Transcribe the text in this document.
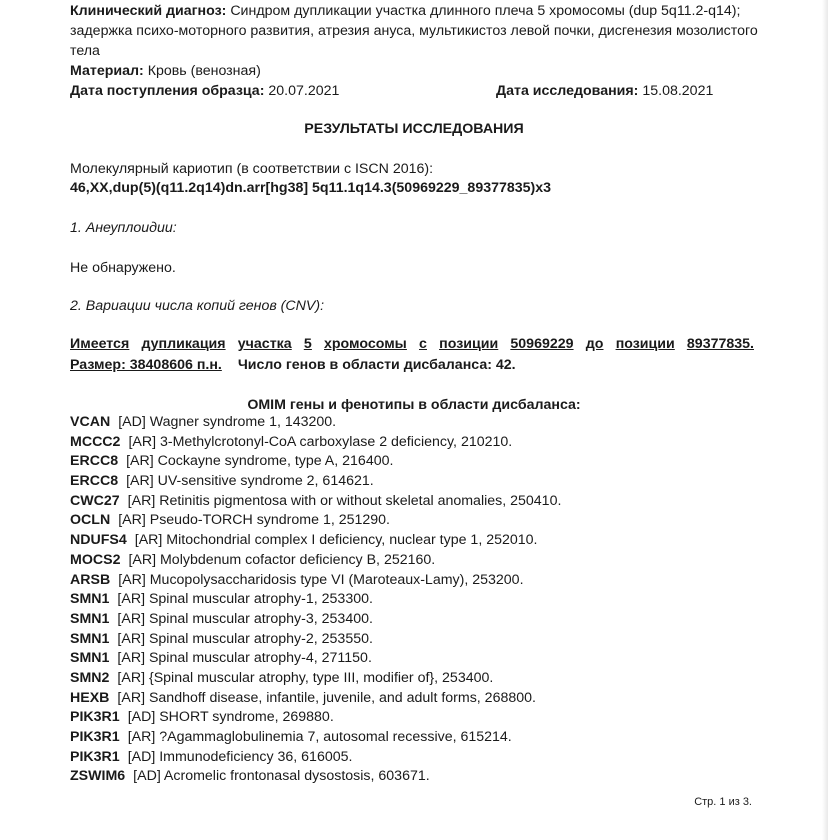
Клинический диагноз: Синдром дупликации участка длинного плеча 5 хромосомы (dup 5q11.2-q14); задержка психо-моторного развития, атрезия ануса, мультикистоз левой почки, дисгенезия мозолистого тела
Материал: Кровь (венозная)
Дата поступления образца: 20.07.2021	Дата исследования: 15.08.2021
РЕЗУЛЬТАТЫ ИССЛЕДОВАНИЯ
Молекулярный кариотип (в соответствии с ISCN 2016):
46,XX,dup(5)(q11.2q14)dn.arr[hg38] 5q11.1q14.3(50969229_89377835)x3
1. Анеуплоидии:
Не обнаружено.
2. Вариации числа копий генов (CNV):
Имеется дупликация участка 5 хромосомы с позиции 50969229 до позиции 89377835.
Размер: 38408606 п.н. Число генов в области дисбаланса: 42.
OMIM гены и фенотипы в области дисбаланса:
VCAN [AD] Wagner syndrome 1, 143200.
MCCC2 [AR] 3-Methylcrotonyl-CoA carboxylase 2 deficiency, 210210.
ERCC8 [AR] Cockayne syndrome, type A, 216400.
ERCC8 [AR] UV-sensitive syndrome 2, 614621.
CWC27 [AR] Retinitis pigmentosa with or without skeletal anomalies, 250410.
OCLN [AR] Pseudo-TORCH syndrome 1, 251290.
NDUFS4 [AR] Mitochondrial complex I deficiency, nuclear type 1, 252010.
MOCS2 [AR] Molybdenum cofactor deficiency B, 252160.
ARSB [AR] Mucopolysaccharidosis type VI (Maroteaux-Lamy), 253200.
SMN1 [AR] Spinal muscular atrophy-1, 253300.
SMN1 [AR] Spinal muscular atrophy-3, 253400.
SMN1 [AR] Spinal muscular atrophy-2, 253550.
SMN1 [AR] Spinal muscular atrophy-4, 271150.
SMN2 [AR] {Spinal muscular atrophy, type III, modifier of}, 253400.
HEXB [AR] Sandhoff disease, infantile, juvenile, and adult forms, 268800.
PIK3R1 [AD] SHORT syndrome, 269880.
PIK3R1 [AR] ?Agammaglobulinemia 7, autosomal recessive, 615214.
PIK3R1 [AD] Immunodeficiency 36, 616005.
ZSWIM6 [AD] Acromelic frontonasal dysostosis, 603671.
Стр. 1 из 3.
